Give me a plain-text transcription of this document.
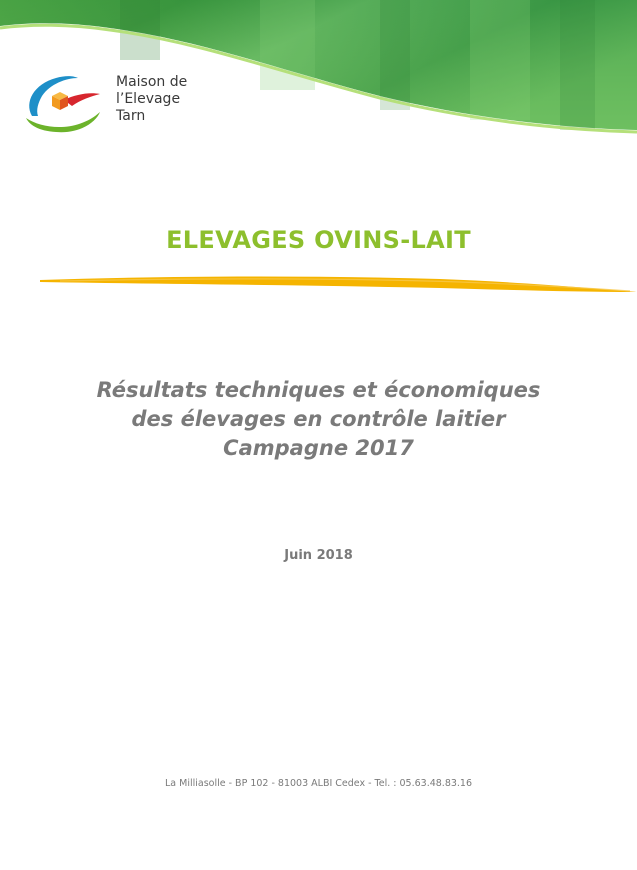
Maison de
l’Elevage
Tarn
ELEVAGES OVINS-LAIT
Résultats techniques et économiques
des élevages en contrôle laitier
Campagne 2017
Juin 2018
La Milliasolle - BP 102 - 81003 ALBI Cedex - Tel. : 05.63.48.83.16
